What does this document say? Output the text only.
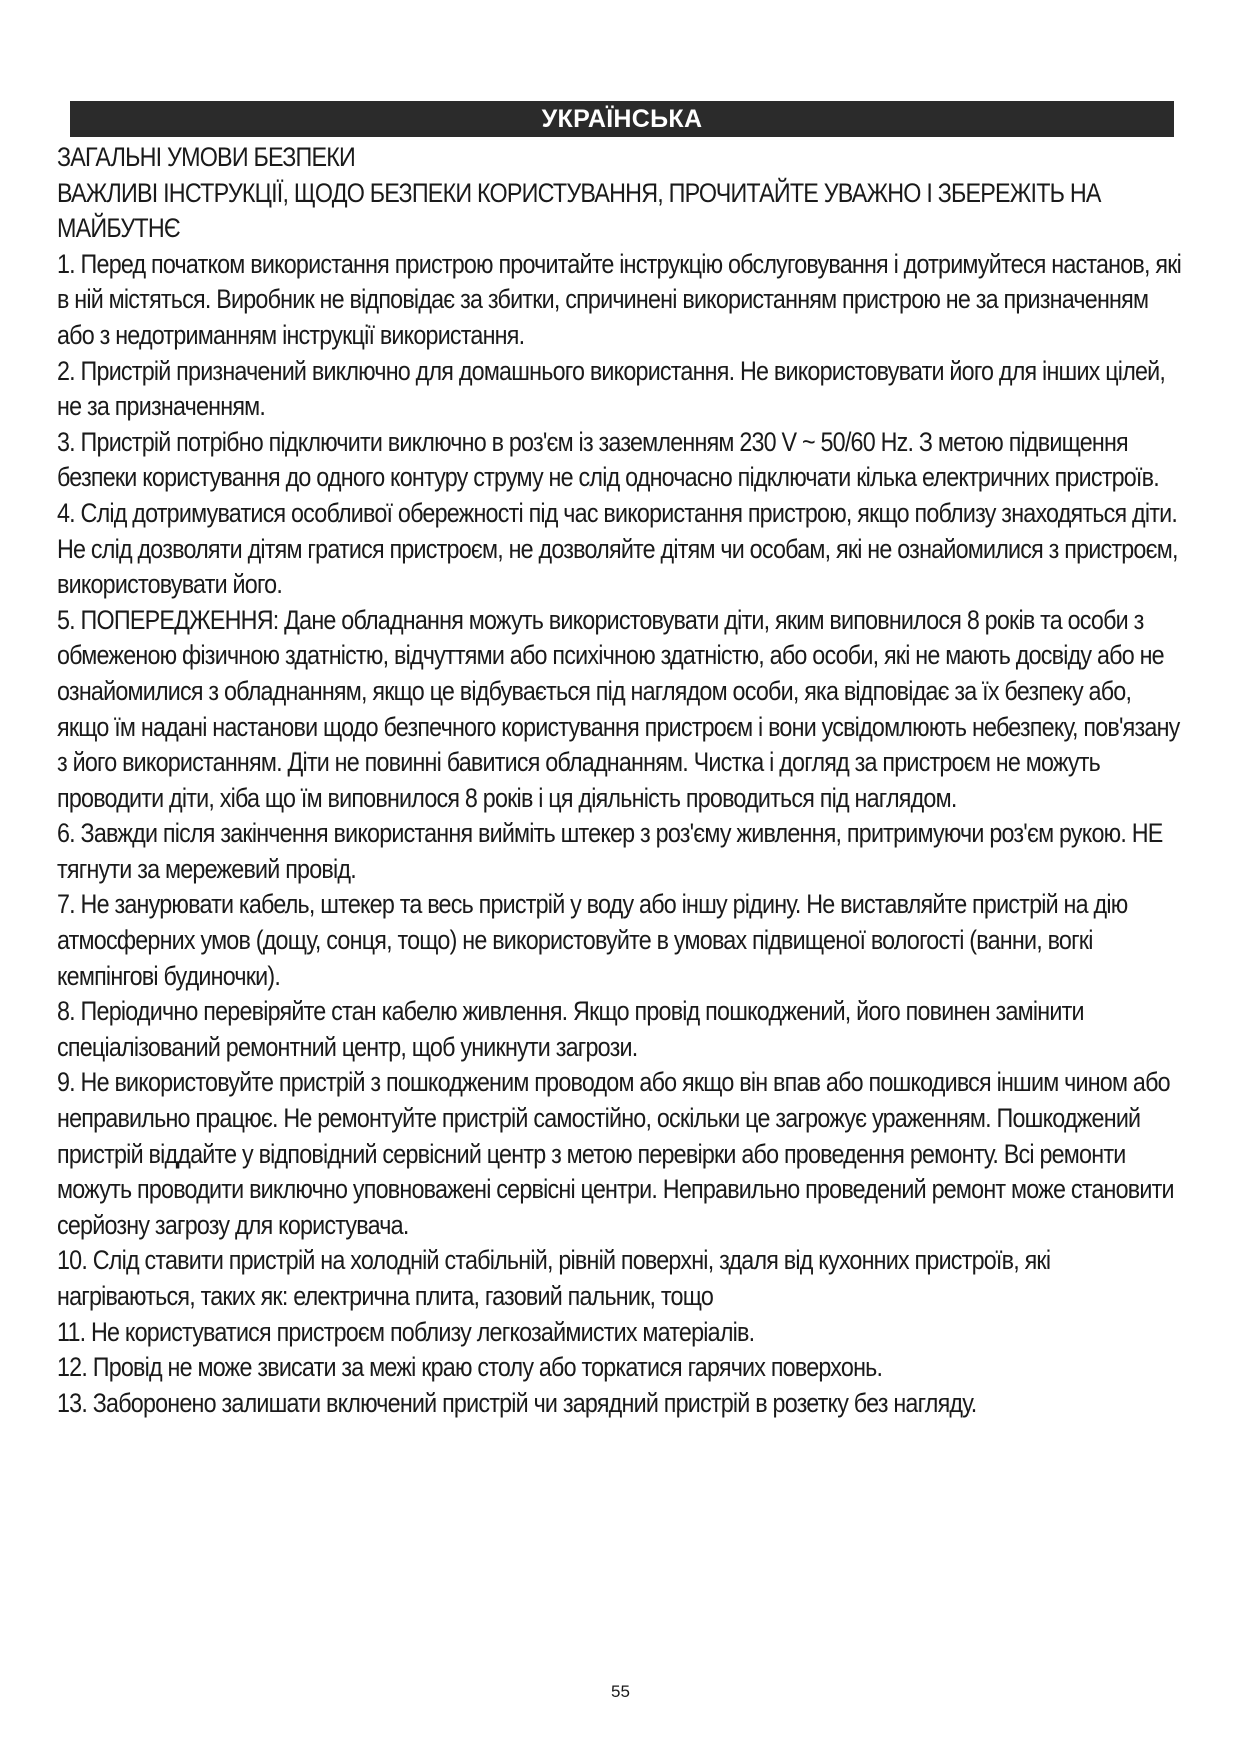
УКРАЇНСЬКА

ЗАГАЛЬНІ УМОВИ БЕЗПЕКИ

ВАЖЛИВІ ІНСТРУКЦІЇ, ЩОДО БЕЗПЕКИ КОРИСТУВАННЯ, ПРОЧИТАЙТЕ УВАЖНО І ЗБЕРЕЖІТЬ НА МАЙБУТНЄ

1. Перед початком використання пристрою прочитайте інструкцію обслуговування і дотримуйтеся настанов, які в ній містяться. Виробник не відповідає за збитки, спричинені використанням пристрою не за призначенням або з недотриманням інструкції використання.

2. Пристрій призначений виключно для домашнього використання. Не використовувати його для інших цілей, не за призначенням.

3. Пристрій потрібно підключити виключно в роз'єм із заземленням 230 V ~ 50/60 Hz. З метою підвищення безпеки користування до одного контуру струму не слід одночасно підключати кілька електричних пристроїв.

4. Слід дотримуватися особливої обережності під час використання пристрою, якщо поблизу знаходяться діти. Не слід дозволяти дітям гратися пристроєм, не дозволяйте дітям чи особам, які не ознайомилися з пристроєм, використовувати його.

5. ПОПЕРЕДЖЕННЯ: Дане обладнання можуть використовувати діти, яким виповнилося 8 років та особи з обмеженою фізичною здатністю, відчуттями або психічною здатністю, або особи, які не мають досвіду або не ознайомилися з обладнанням, якщо це відбувається під наглядом особи, яка відповідає за їх безпеку або, якщо їм надані настанови щодо безпечного користування пристроєм і вони усвідомлюють небезпеку, пов'язану з його використанням. Діти не повинні бавитися обладнанням. Чистка і догляд за пристроєм не можуть проводити діти, хіба що їм виповнилося 8 років і ця діяльність проводиться під наглядом.

6. Завжди після закінчення використання вийміть штекер з роз'єму живлення, притримуючи роз'єм рукою. НЕ тягнути за мережевий провід.

7. Не занурювати кабель, штекер та весь пристрій у воду або іншу рідину. Не виставляйте пристрій на дію атмосферних умов (дощу, сонця, тощо) не використовуйте в умовах підвищеної вологості (ванни, вогкі кемпінгові будиночки).

8. Періодично перевіряйте стан кабелю живлення. Якщо провід пошкоджений, його повинен замінити спеціалізований ремонтний центр, щоб уникнути загрози.

9. Не використовуйте пристрій з пошкодженим проводом або якщо він впав або пошкодився іншим чином або неправильно працює. Не ремонтуйте пристрій самостійно, оскільки це загрожує ураженням. Пошкоджений пристрій віддайте у відповідний сервісний центр з метою перевірки або проведення ремонту. Всі ремонти можуть проводити виключно уповноважені сервісні центри. Неправильно проведений ремонт може становити серйозну загрозу для користувача.

10. Слід ставити пристрій на холодній стабільній, рівній поверхні, здаля від кухонних пристроїв, які нагріваються, таких як: електрична плита, газовий пальник, тощо

11. Не користуватися пристроєм поблизу легкозаймистих матеріалів.

12. Провід не може звисати за межі краю столу або торкатися гарячих поверхонь.

13. Заборонено залишати включений пристрій чи зарядний пристрій в розетку без нагляду.

55
